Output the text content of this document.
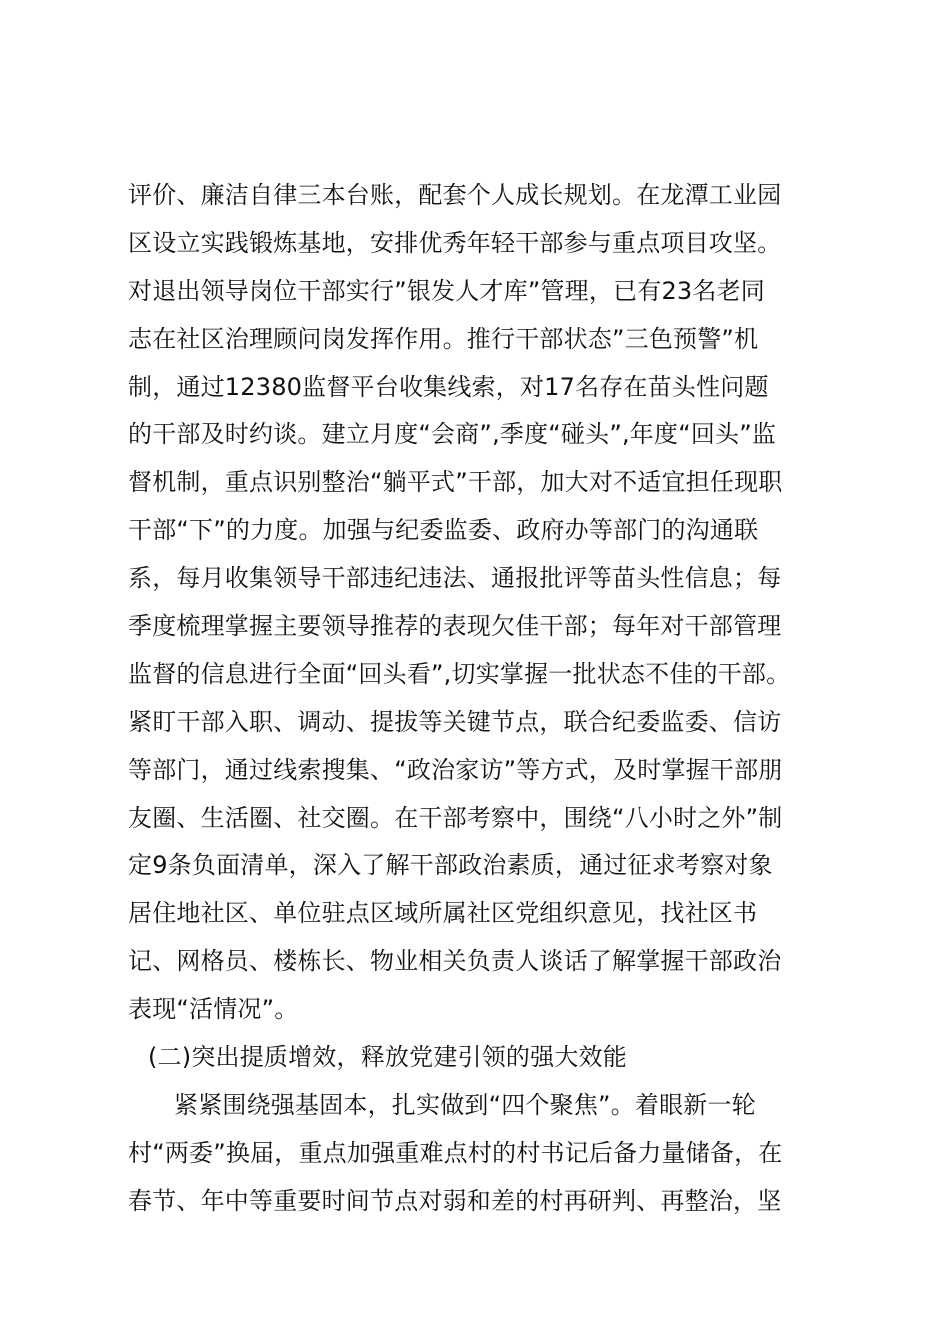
评价、廉洁自律三本台账，配套个人成长规划。在龙潭工业园
区设立实践锻炼基地，安排优秀年轻干部参与重点项目攻坚。
对退出领导岗位干部实行”银发人才库”管理，已有23名老同
志在社区治理顾问岗发挥作用。推行干部状态”三色预警”机
制，通过12380监督平台收集线索，对17名存在苗头性问题
的干部及时约谈。建立月度“会商”,季度“碰头”,年度“回头”监
督机制，重点识别整治“躺平式”干部，加大对不适宜担任现职
干部“下”的力度。加强与纪委监委、政府办等部门的沟通联
系，每月收集领导干部违纪违法、通报批评等苗头性信息；每
季度梳理掌握主要领导推荐的表现欠佳干部；每年对干部管理
监督的信息进行全面“回头看”,切实掌握一批状态不佳的干部。
紧盯干部入职、调动、提拔等关键节点，联合纪委监委、信访
等部门，通过线索搜集、“政治家访”等方式，及时掌握干部朋
友圈、生活圈、社交圈。在干部考察中，围绕“八小时之外”制
定9条负面清单，深入了解干部政治素质，通过征求考察对象
居住地社区、单位驻点区域所属社区党组织意见，找社区书
记、网格员、楼栋长、物业相关负责人谈话了解掌握干部政治
表现“活情况”。
(二)突出提质增效，释放党建引领的强大效能
紧紧围绕强基固本，扎实做到“四个聚焦”。着眼新一轮
村“两委”换届，重点加强重难点村的村书记后备力量储备，在
春节、年中等重要时间节点对弱和差的村再研判、再整治，坚
